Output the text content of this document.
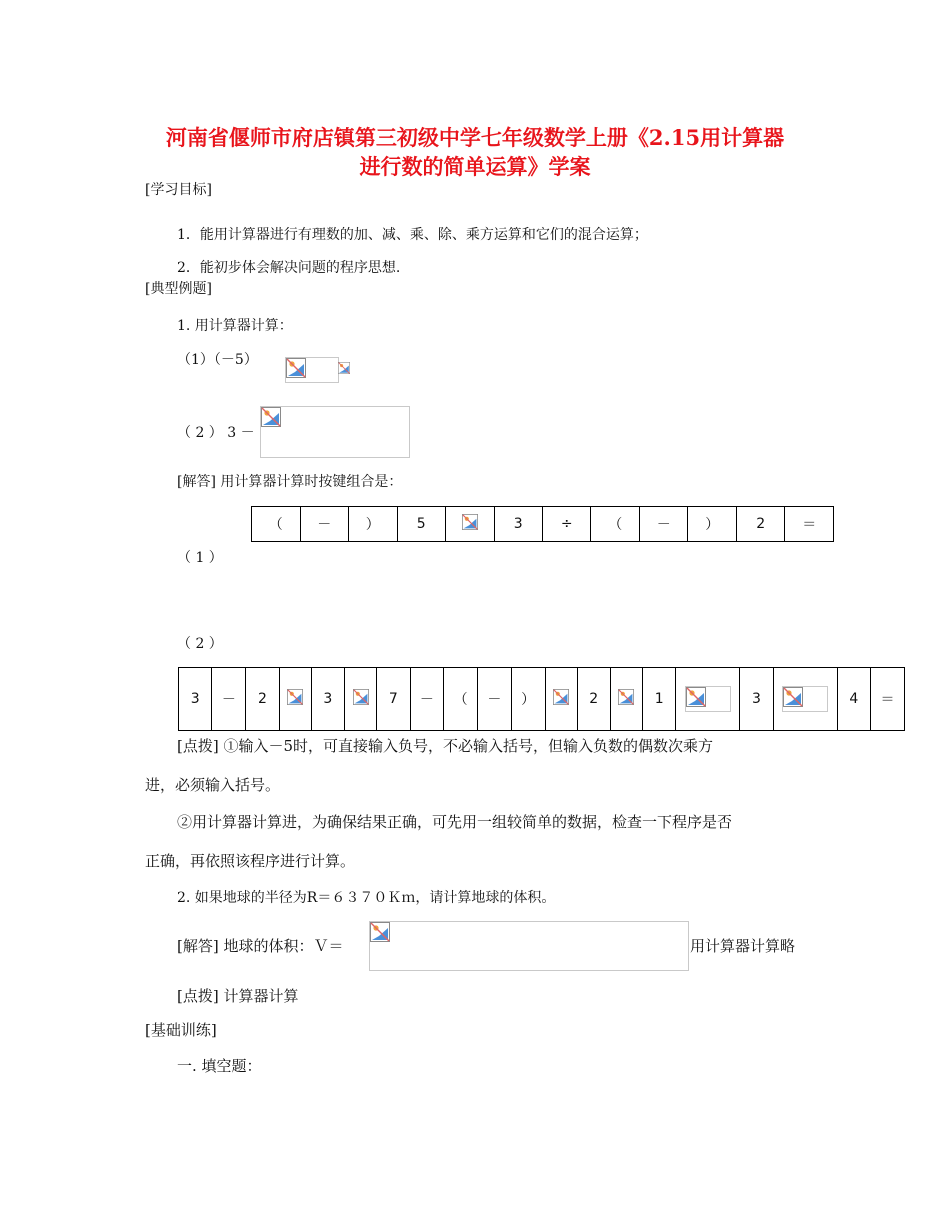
河南省偃师市府店镇第三初级中学七年级数学上册《2.15用计算器
进行数的简单运算》学案
[学习目标]
1．能用计算器进行有理数的加、减、乘、除、乘方运算和它们的混合运算；
2．能初步体会解决问题的程序思想.
[典型例题]
1. 用计算器计算：
（1）（－5）
（ 2 ） 3 －
[解答] 用计算器计算时按键组合是：
（	－	）	5		3	÷	（	－	）	2	＝
（ 1 ）
（ 2 ）
3	－	2		3		7	－	（	－	）		2		1		3		4	＝
[点拨] ①输入－5时，可直接输入负号，不必输入括号，但输入负数的偶数次乘方
进，必须输入括号。
②用计算器计算进，为确保结果正确，可先用一组较简单的数据，检查一下程序是否
正确，再依照该程序进行计算。
2. 如果地球的半径为R＝６３７０Ｋｍ，请计算地球的体积。
[解答] 地球的体积：Ｖ＝	用计算器计算略
[点拨] 计算器计算
[基础训练]
一. 填空题：
